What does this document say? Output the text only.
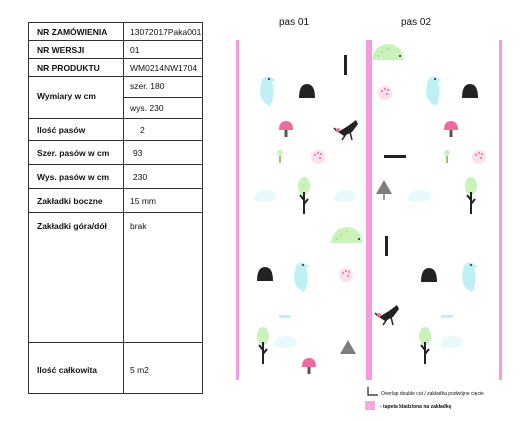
NR ZAMÓWIENIA	13072017Paka001
NR WERSJI	01
NR PRODUKTU	WM0214NW1704
Wymiary w cm
szer. 180
wys. 230
Ilość pasów	2
Szer. pasów w cm	93
Wys. pasów w cm	230
Zakładki boczne	15 mm
Zakładki góra/dół	brak
Ilość całkowita	5 m2
pas 01	pas 02
Overlap double cut / zakładka podwójne cięcie
- tapeta kładziona na zakładkę
